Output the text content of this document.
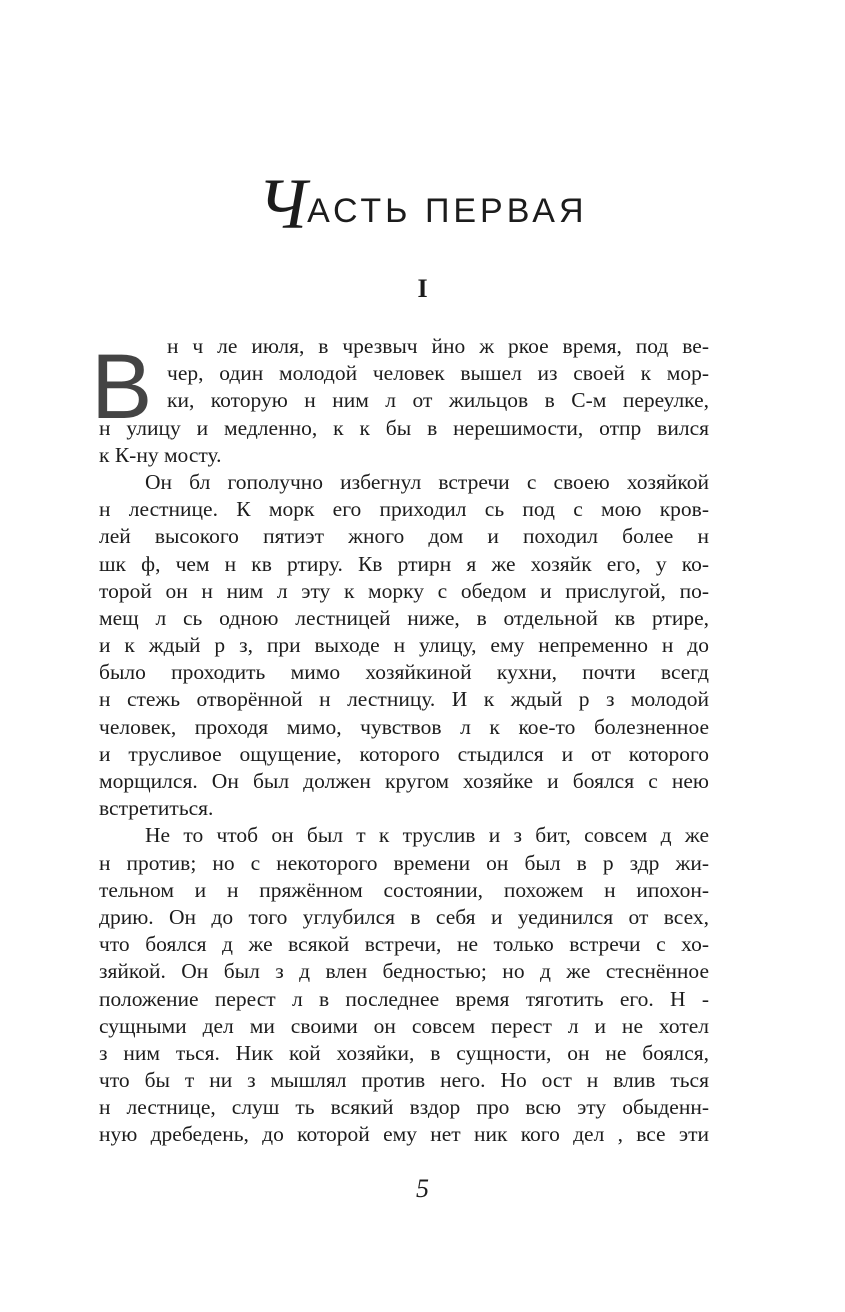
ЧАСТЬ ПЕРВАЯ
I
В н ч ле июля, в чрезвыч йно ж ркое время, под ве-
чер, один молодой человек вышел из своей к мор-
ки, которую н ним л от жильцов в С-м переулке,
н улицу и медленно, к к бы в нерешимости, отпр вился
к К-ну мосту.
Он бл гополучно избегнул встречи с своею хозяйкой
н лестнице. К морк его приходил сь под с мою кров-
лей высокого пятиэт жного дом и походил более н
шк ф, чем н кв ртиру. Кв ртирн я же хозяйк его, у ко-
торой он н ним л эту к морку с обедом и прислугой, по-
мещ л сь одною лестницей ниже, в отдельной кв ртире,
и к ждый р з, при выходе н улицу, ему непременно н до
было проходить мимо хозяйкиной кухни, почти всегд
н стежь отворённой н лестницу. И к ждый р з молодой
человек, проходя мимо, чувствов л к кое-то болезненное
и трусливое ощущение, которого стыдился и от которого
морщился. Он был должен кругом хозяйке и боялся с нею
встретиться.
Не то чтоб он был т к труслив и з бит, совсем д же
н против; но с некоторого времени он был в р здр жи-
тельном и н пряжённом состоянии, похожем н ипохон-
дрию. Он до того углубился в себя и уединился от всех,
что боялся д же всякой встречи, не только встречи с хо-
зяйкой. Он был з д влен бедностью; но д же стеснённое
положение перест л в последнее время тяготить его. Н -
сущными дел ми своими он совсем перест л и не хотел
з ним ться. Ник кой хозяйки, в сущности, он не боялся,
что бы т ни з мышлял против него. Но ост н влив ться
н лестнице, слуш ть всякий вздор про всю эту обыденн-
ную дребедень, до которой ему нет ник кого дел , все эти
5
